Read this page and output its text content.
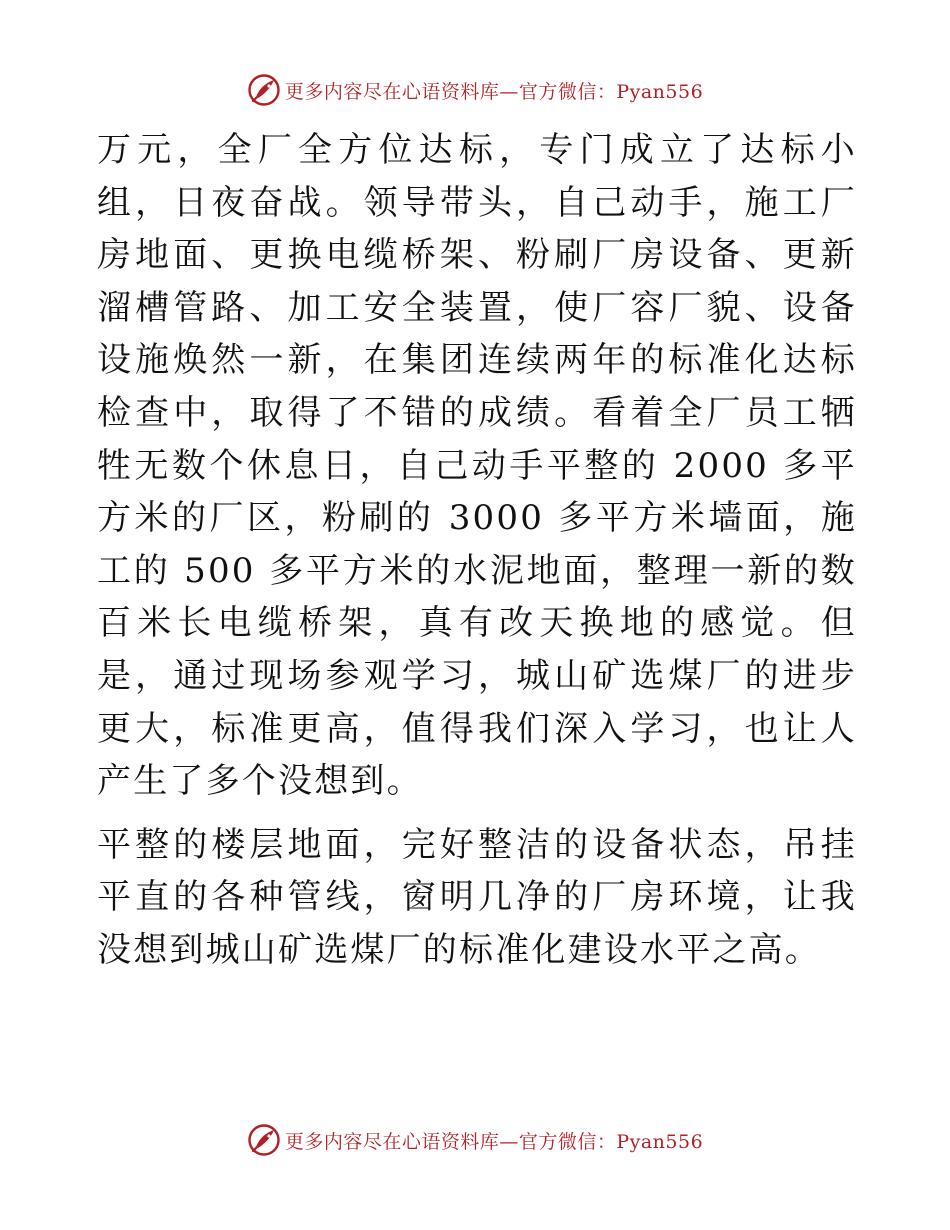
更多内容尽在心语资料库—官方微信：Pyan556

万元，全厂全方位达标，专门成立了达标小组，日夜奋战。领导带头，自己动手，施工厂房地面、更换电缆桥架、粉刷厂房设备、更新溜槽管路、加工安全装置，使厂容厂貌、设备设施焕然一新，在集团连续两年的标准化达标检查中，取得了不错的成绩。看着全厂员工牺牲无数个休息日，自己动手平整的 2000 多平方米的厂区，粉刷的 3000 多平方米墙面，施工的 500 多平方米的水泥地面，整理一新的数百米长电缆桥架，真有改天换地的感觉。但是，通过现场参观学习，城山矿选煤厂的进步更大，标准更高，值得我们深入学习，也让人产生了多个没想到。

平整的楼层地面，完好整洁的设备状态，吊挂平直的各种管线，窗明几净的厂房环境，让我没想到城山矿选煤厂的标准化建设水平之高。

更多内容尽在心语资料库—官方微信：Pyan556
